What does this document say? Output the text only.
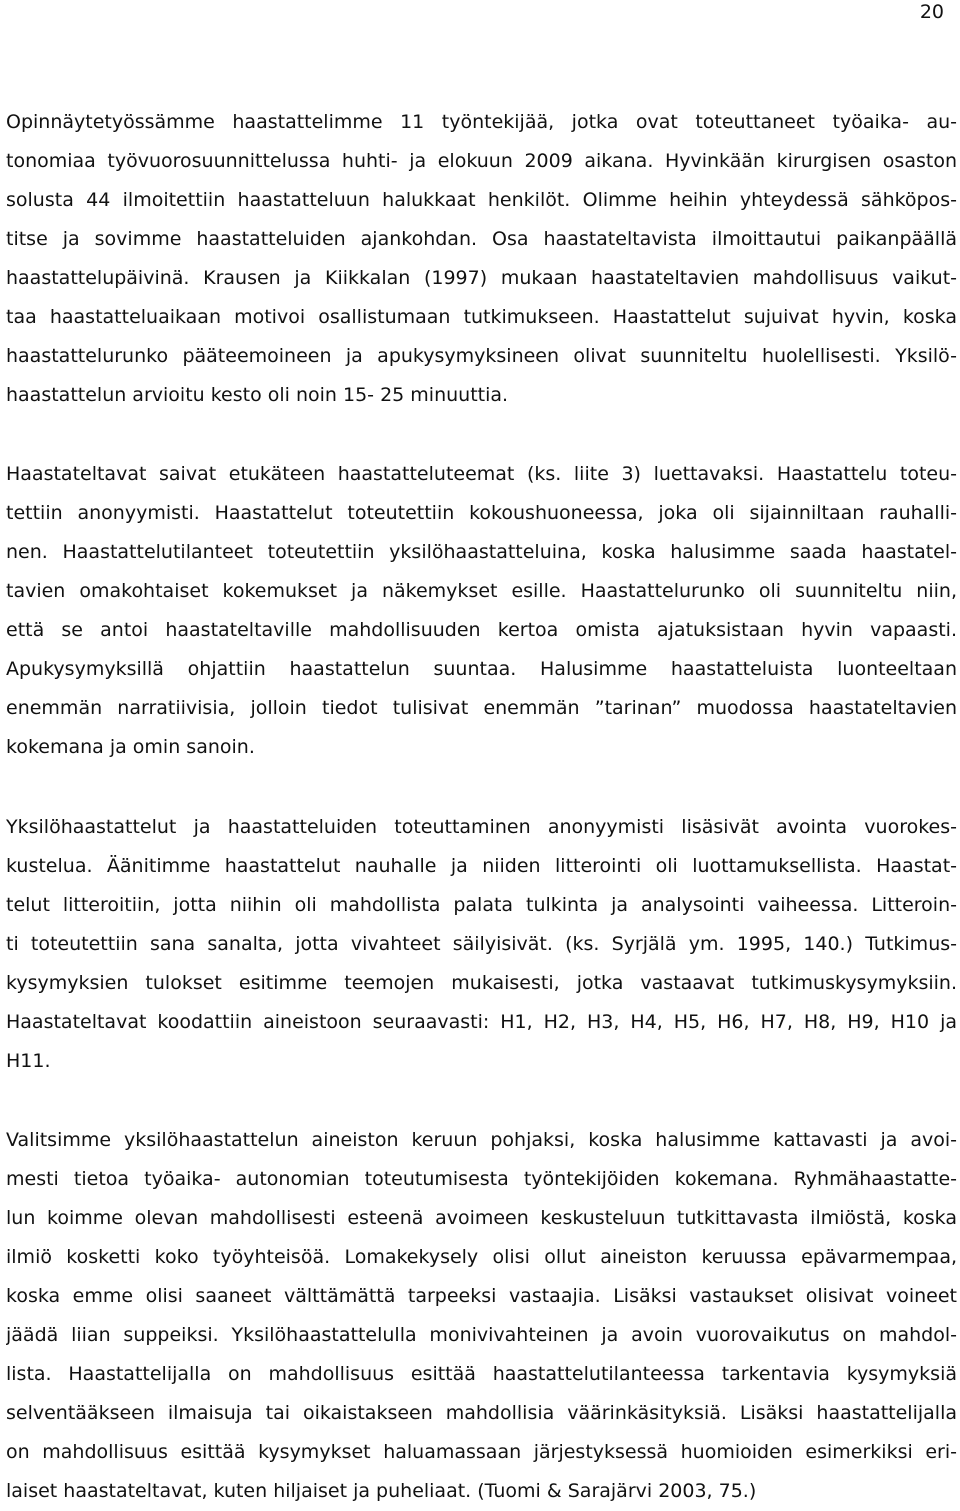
20
Opinnäytetyössämme haastattelimme 11 työntekijää, jotka ovat toteuttaneet työaika- au-
tonomiaa työvuorosuunnittelussa huhti- ja elokuun 2009 aikana. Hyvinkään kirurgisen osaston
solusta 44 ilmoitettiin haastatteluun halukkaat henkilöt. Olimme heihin yhteydessä sähköpos-
titse ja sovimme haastatteluiden ajankohdan. Osa haastateltavista ilmoittautui paikanpäällä
haastattelupäivinä. Krausen ja Kiikkalan (1997) mukaan haastateltavien mahdollisuus vaikut-
taa haastatteluaikaan motivoi osallistumaan tutkimukseen. Haastattelut sujuivat hyvin, koska
haastattelurunko pääteemoineen ja apukysymyksineen olivat suunniteltu huolellisesti. Yksilö-
haastattelun arvioitu kesto oli noin 15- 25 minuuttia.
Haastateltavat saivat etukäteen haastatteluteemat (ks. liite 3) luettavaksi. Haastattelu toteu-
tettiin anonyymisti. Haastattelut toteutettiin kokoushuoneessa, joka oli sijainniltaan rauhalli-
nen. Haastattelutilanteet toteutettiin yksilöhaastatteluina, koska halusimme saada haastatel-
tavien omakohtaiset kokemukset ja näkemykset esille. Haastattelurunko oli suunniteltu niin,
että se antoi haastateltaville mahdollisuuden kertoa omista ajatuksistaan hyvin vapaasti.
Apukysymyksillä ohjattiin haastattelun suuntaa. Halusimme haastatteluista luonteeltaan
enemmän narratiivisia, jolloin tiedot tulisivat enemmän ”tarinan” muodossa haastateltavien
kokemana ja omin sanoin.
Yksilöhaastattelut ja haastatteluiden toteuttaminen anonyymisti lisäsivät avointa vuorokes-
kustelua. Äänitimme haastattelut nauhalle ja niiden litterointi oli luottamuksellista. Haastat-
telut litteroitiin, jotta niihin oli mahdollista palata tulkinta ja analysointi vaiheessa. Litteroin-
ti toteutettiin sana sanalta, jotta vivahteet säilyisivät. (ks. Syrjälä ym. 1995, 140.) Tutkimus-
kysymyksien tulokset esitimme teemojen mukaisesti, jotka vastaavat tutkimuskysymyksiin.
Haastateltavat koodattiin aineistoon seuraavasti: H1, H2, H3, H4, H5, H6, H7, H8, H9, H10 ja
H11.
Valitsimme yksilöhaastattelun aineiston keruun pohjaksi, koska halusimme kattavasti ja avoi-
mesti tietoa työaika- autonomian toteutumisesta työntekijöiden kokemana. Ryhmähaastatte-
lun koimme olevan mahdollisesti esteenä avoimeen keskusteluun tutkittavasta ilmiöstä, koska
ilmiö kosketti koko työyhteisöä. Lomakekysely olisi ollut aineiston keruussa epävarmempaa,
koska emme olisi saaneet välttämättä tarpeeksi vastaajia. Lisäksi vastaukset olisivat voineet
jäädä liian suppeiksi. Yksilöhaastattelulla monivivahteinen ja avoin vuorovaikutus on mahdol-
lista. Haastattelijalla on mahdollisuus esittää haastattelutilanteessa tarkentavia kysymyksiä
selventääkseen ilmaisuja tai oikaistakseen mahdollisia väärinkäsityksiä. Lisäksi haastattelijalla
on mahdollisuus esittää kysymykset haluamassaan järjestyksessä huomioiden esimerkiksi eri-
laiset haastateltavat, kuten hiljaiset ja puheliaat. (Tuomi & Sarajärvi 2003, 75.)
